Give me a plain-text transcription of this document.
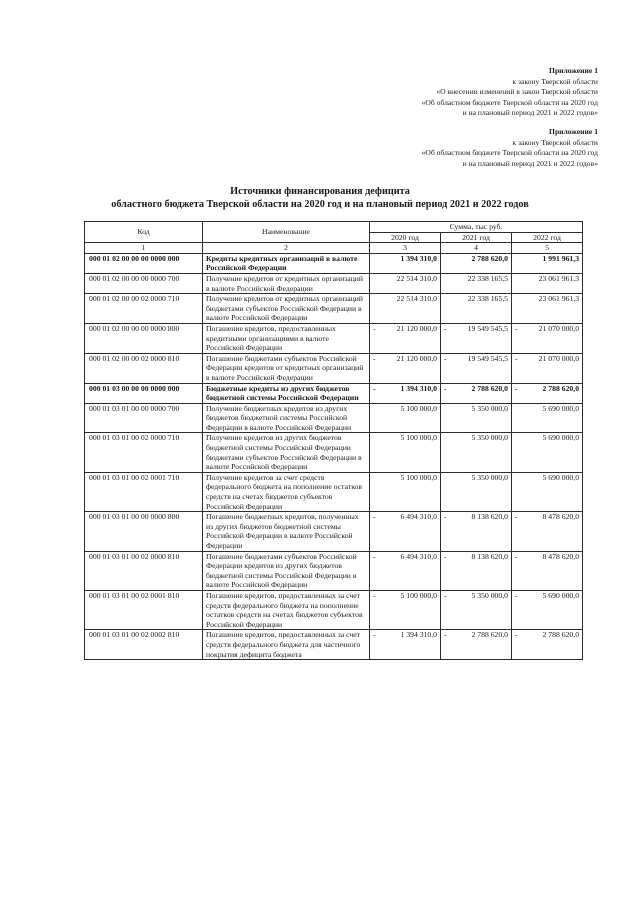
Приложение 1
к закону Тверской области
«О внесении изменений в закон Тверской области
«Об областном бюджете Тверской области на 2020 год
и на плановый период 2021 и 2022 годов»
Приложение 1
к закону Тверской области
«Об областном бюджете Тверской области на 2020 год
и на плановый период 2021 и 2022 годов»
Источники финансирования дефицита
областного бюджета Тверской области на 2020 год и на плановый период 2021 и 2022 годов
Код	Наименование	Сумма, тыс руб.		
		2020 год	2021 год	2022 год
1	2	3	4	5
000 01 02 00 00 00 0000 000	Кредиты кредитных организаций в валюте Российской Федерации	1 394 310,0	2 788 620,0	1 991 961,3
000 01 02 00 00 00 0000 700	Получение кредитов от кредитных организаций в валюте Российской Федерации	22 514 310,0	22 338 165,5	23 061 961,3
000 01 02 00 00 02 0000 710	Получение кредитов от кредитных организаций бюджетами субъектов Российской Федерации в валюте Российской Федерации	22 514 310,0	22 338 165,5	23 061 961,3
000 01 02 00 00 00 0000 800	Погашение кредитов, предоставленных кредитными организациями в валюте Российской Федерации	- 21 120 000,0	- 19 549 545,5	- 21 070 000,0
000 01 02 00 00 02 0000 810	Погашение бюджетами субъектов Российской Федерации кредитов от кредитных организаций в валюте Российской Федерации	- 21 120 000,0	- 19 549 545,5	- 21 070 000,0
000 01 03 00 00 00 0000 000	Бюджетные кредиты из других бюджетов бюджетной системы Российской Федерации	- 1 394 310,0	- 2 788 620,0	- 2 788 620,0
000 01 03 01 00 00 0000 700	Получение бюджетных кредитов из других бюджетов бюджетной системы Российской Федерации в валюте Российской Федерации	5 100 000,0	5 350 000,0	5 690 000,0
000 01 03 01 00 02 0000 710	Получение кредитов из других бюджетов бюджетной системы Российской Федерации бюджетами субъектов Российской Федерации в валюте Российской Федерации	5 100 000,0	5 350 000,0	5 690 000,0
000 01 03 01 00 02 0001 710	Получение кредитов за счет средств федерального бюджета на пополнение остатков средств на счетах бюджетов субъектов Российской Федерации	5 100 000,0	5 350 000,0	5 690 000,0
000 01 03 01 00 00 0000 800	Погашение бюджетных кредитов, полученных из других бюджетов бюджетной системы Российской Федерации в валюте Российской Федерации	- 6 494 310,0	- 8 138 620,0	- 8 478 620,0
000 01 03 01 00 02 0000 810	Погашение бюджетами субъектов Российской Федерации кредитов из других бюджетов бюджетной системы Российской Федерации в валюте Российской Федерации	- 6 494 310,0	- 8 138 620,0	- 8 478 620,0
000 01 03 01 00 02 0001 810	Погашение кредитов, предоставленных за счет средств федерального бюджета на пополнение остатков средств на счетах бюджетов субъектов Российской Федерации	- 5 100 000,0	- 5 350 000,0	- 5 690 000,0
000 01 03 01 00 02 0002 810	Погашение кредитов, предоставленных за счет средств федерального бюджета для частичного покрытия дефицита бюджета	- 1 394 310,0	- 2 788 620,0	- 2 788 620,0
